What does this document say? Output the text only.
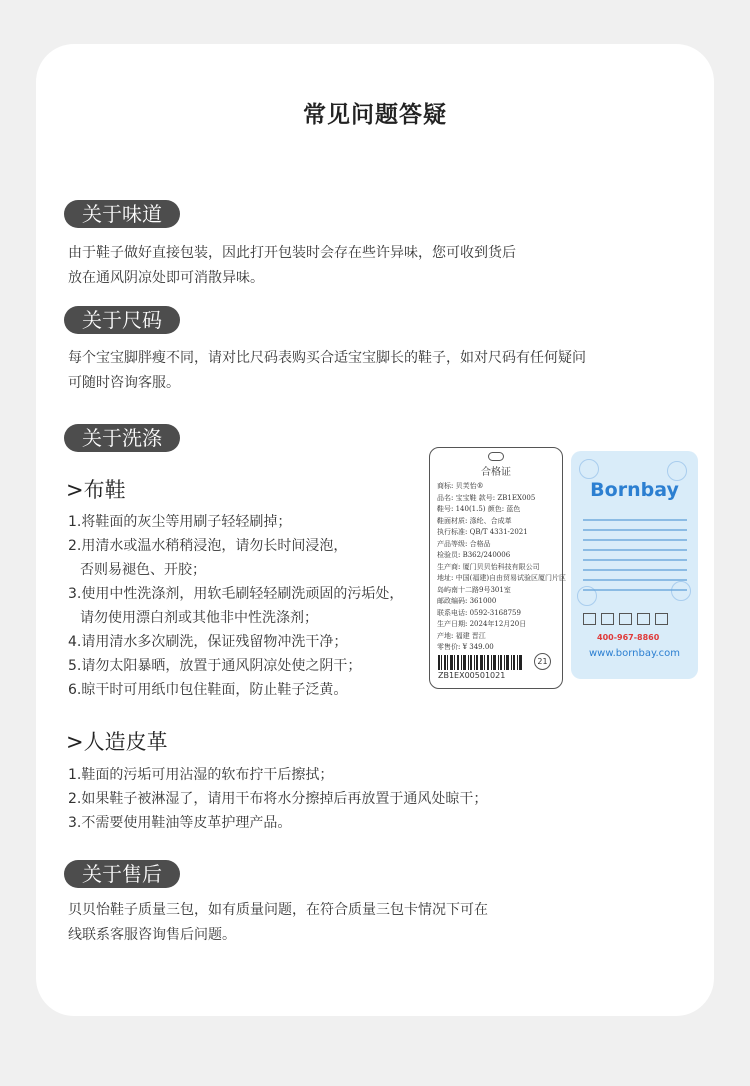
常见问题答疑
关于味道
由于鞋子做好直接包装，因此打开包装时会存在些许异味，您可收到货后
放在通风阴凉处即可消散异味。
关于尺码
每个宝宝脚胖瘦不同，请对比尺码表购买合适宝宝脚长的鞋子，如对尺码有任何疑问
可随时咨询客服。
关于洗涤
>布鞋
1.将鞋面的灰尘等用刷子轻轻刷掉；
2.用清水或温水稍稍浸泡，请勿长时间浸泡，
否则易褪色、开胶；
3.使用中性洗涤剂，用软毛刷轻轻刷洗顽固的污垢处，
请勿使用漂白剂或其他非中性洗涤剂；
4.请用清水多次刷洗，保证残留物冲洗干净；
5.请勿太阳暴晒，放置于通风阴凉处使之阴干；
6.晾干时可用纸巾包住鞋面，防止鞋子泛黄。
>人造皮革
1.鞋面的污垢可用沾湿的软布拧干后擦拭；
2.如果鞋子被淋湿了，请用干布将水分擦掉后再放置于通风处晾干；
3.不需要使用鞋油等皮革护理产品。
关于售后
贝贝怡鞋子质量三包，如有质量问题，在符合质量三包卡情况下可在
线联系客服咨询售后问题。
合格证
商标: 贝芙怡®
品名: 宝宝鞋 款号: ZB1EX005
鞋号: 140(1.5) 颜色: 蓝色
鞋面材质: 涤纶、合成革
执行标准: QB/T 4331-2021
产品等级: 合格品
检验员: B362/240006
生产商: 厦门贝贝怡科技有限公司
地址: 中国(福建)自由贸易试验区厦门片区
岛屿南十二路9号301室
邮政编码: 361000
联系电话: 0592-3168759
生产日期: 2024年12月20日
产地: 福建 晋江
零售价: ¥ 349.00
ZB1EX00501021
21
Bornbay
400-967-8860
www.bornbay.com
